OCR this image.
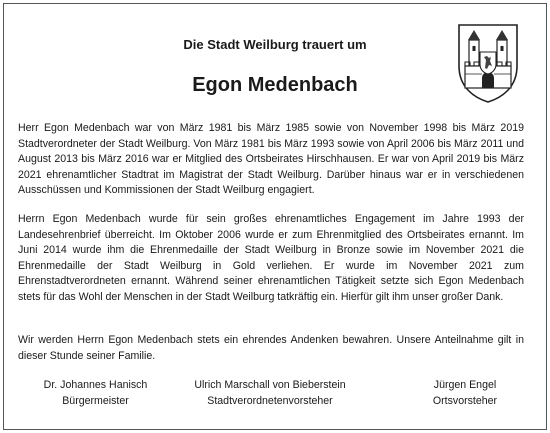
Die Stadt Weilburg trauert um
Egon Medenbach

Herr Egon Medenbach war von März 1981 bis März 1985 sowie von November 1998 bis März 2019 Stadtverordneter der Stadt Weilburg. Von März 1981 bis März 1993 sowie von April 2006 bis März 2011 und August 2013 bis März 2016 war er Mitglied des Ortsbeirates Hirschhausen. Er war von April 2019 bis März 2021 ehrenamtlicher Stadtrat im Magistrat der Stadt Weilburg. Darüber hinaus war er in verschiedenen Ausschüssen und Kommissionen der Stadt Weilburg engagiert.

Herrn Egon Medenbach wurde für sein großes ehrenamtliches Engagement im Jahre 1993 der Landesehrenbrief überreicht. Im Oktober 2006 wurde er zum Ehrenmitglied des Ortsbeirates ernannt. Im Juni 2014 wurde ihm die Ehrenmedaille der Stadt Weilburg in Bronze sowie im November 2021 die Ehrenmedaille der Stadt Weilburg in Gold verliehen. Er wurde im November 2021 zum Ehrenstadtverordneten ernannt. Während seiner ehrenamtlichen Tätigkeit setzte sich Egon Medenbach stets für das Wohl der Menschen in der Stadt Weilburg tatkräftig ein. Hierfür gilt ihm unser großer Dank.

Wir werden Herrn Egon Medenbach stets ein ehrendes Andenken bewahren. Unsere Anteilnahme gilt in dieser Stunde seiner Familie.

Dr. Johannes Hanisch
Bürgermeister
Ulrich Marschall von Bieberstein
Stadtverordnetenvorsteher
Jürgen Engel
Ortsvorsteher
